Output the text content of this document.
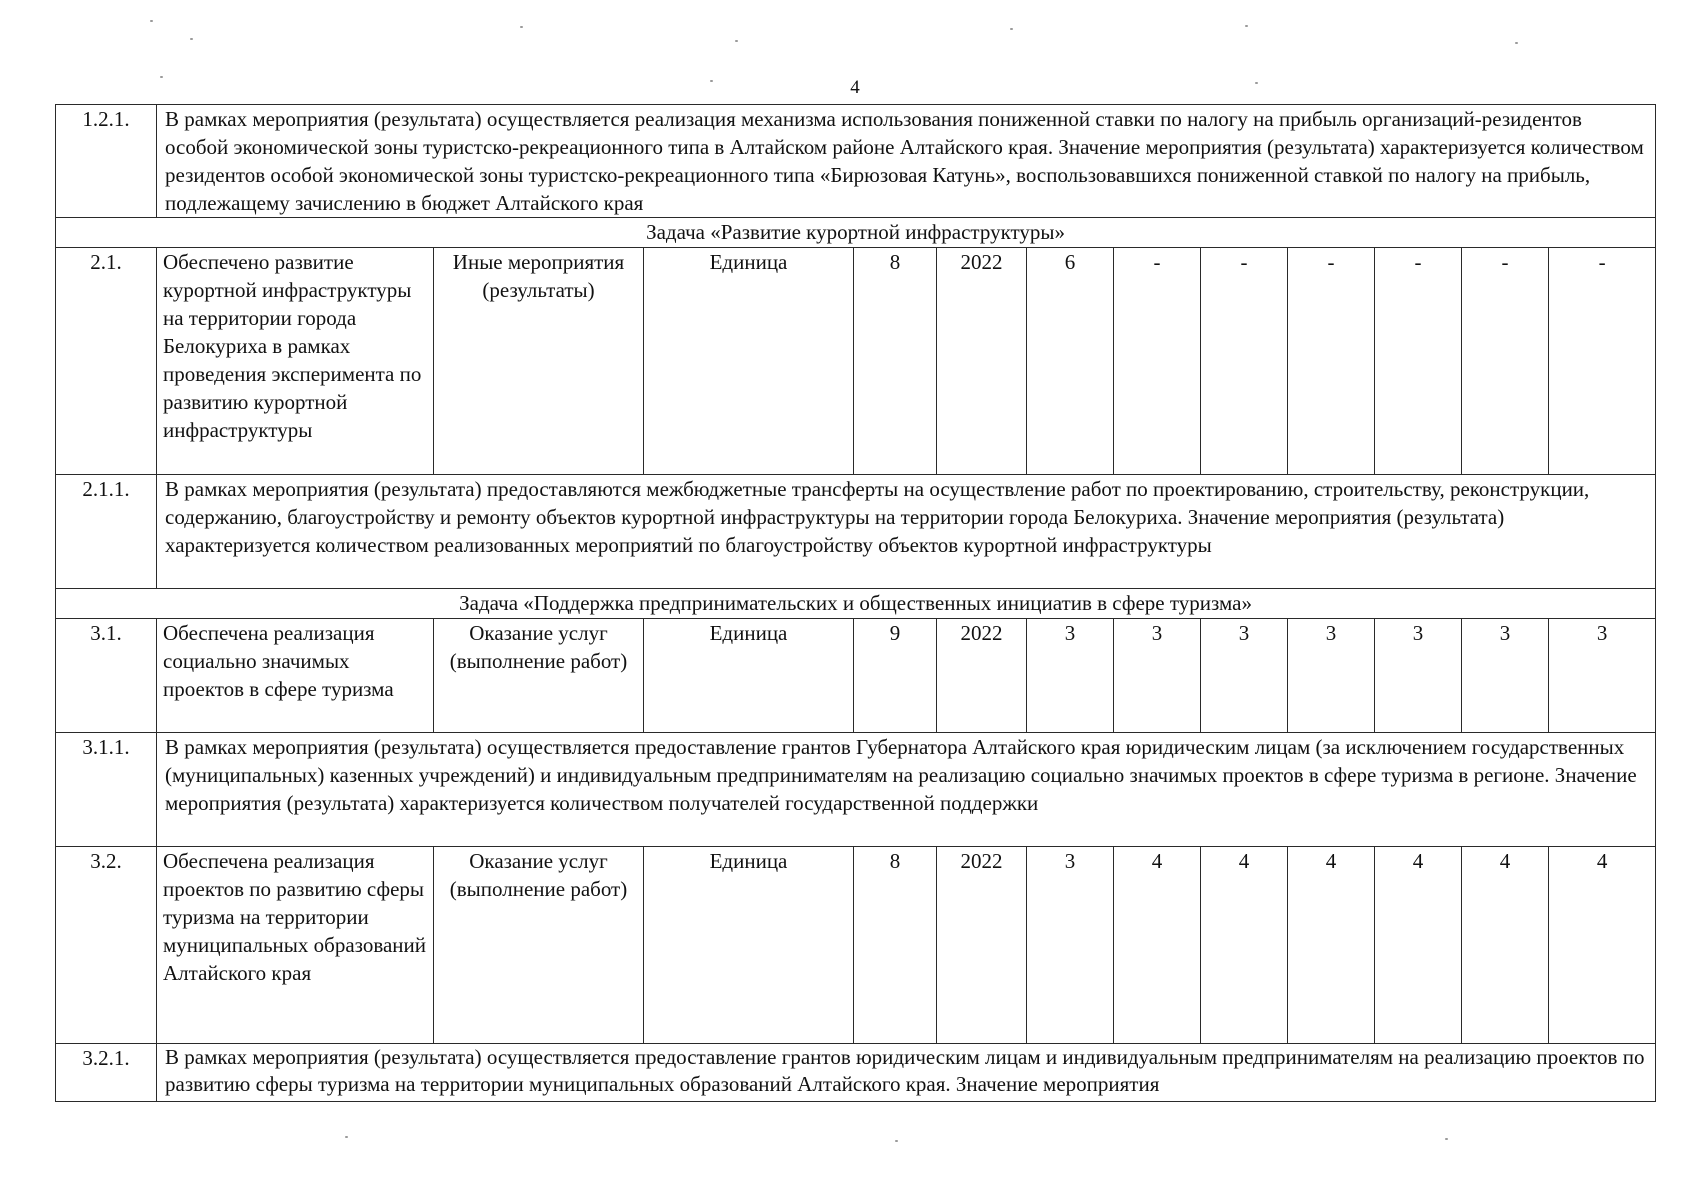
4
1.2.1.	В рамках мероприятия (результата) осуществляется реализация механизма использования пониженной ставки по налогу на прибыль организаций-резидентов особой экономической зоны туристско-рекреационного типа в Алтайском районе Алтайского края. Значение мероприятия (результата) характеризуется количеством резидентов особой экономической зоны туристско-рекреационного типа «Бирюзовая Катунь», воспользовавшихся пониженной ставкой по налогу на прибыль, подлежащему зачислению в бюджет Алтайского края											
Задача «Развитие курортной инфраструктуры»												
2.1.	Обеспечено развитие курортной инфраструктуры на территории города Белокуриха в рамках проведения эксперимента по развитию курортной инфраструктуры	Иные мероприятия (результаты)	Единица	8	2022	6	-	-	-	-	-	-
2.1.1.	В рамках мероприятия (результата) предоставляются межбюджетные трансферты на осуществление работ по проектированию, строительству, реконструкции, содержанию, благоустройству и ремонту объектов курортной инфраструктуры на территории города Белокуриха. Значение мероприятия (результата) характеризуется количеством реализованных мероприятий по благоустройству объектов курортной инфраструктуры											
Задача «Поддержка предпринимательских и общественных инициатив в сфере туризма»												
3.1.	Обеспечена реализация социально значимых проектов в сфере туризма	Оказание услуг (выполнение работ)	Единица	9	2022	3	3	3	3	3	3	3
3.1.1.	В рамках мероприятия (результата) осуществляется предоставление грантов Губернатора Алтайского края юридическим лицам (за исключением государственных (муниципальных) казенных учреждений) и индивидуальным предпринимателям на реализацию социально значимых проектов в сфере туризма в регионе. Значение мероприятия (результата) характеризуется количеством получателей государственной поддержки											
3.2.	Обеспечена реализация проектов по развитию сферы туризма на территории муниципальных образований Алтайского края	Оказание услуг (выполнение работ)	Единица	8	2022	3	4	4	4	4	4	4
3.2.1.	В рамках мероприятия (результата) осуществляется предоставление грантов юридическим лицам и индивидуальным предпринимателям на реализацию проектов по развитию сферы туризма на территории муниципальных образований Алтайского края. Значение мероприятия											
